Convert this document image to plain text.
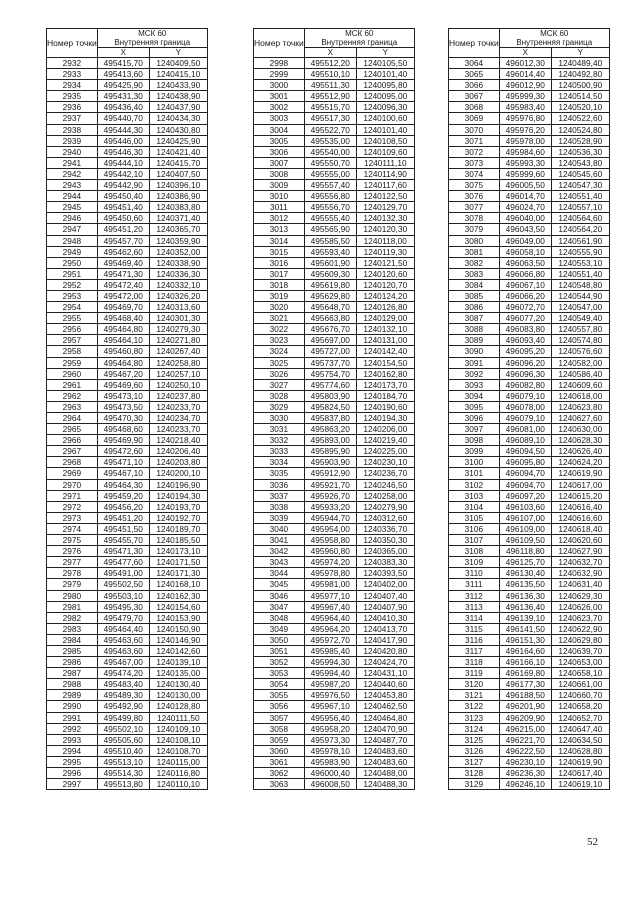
Номер точки	МСК 60
Внутренняя граница	

	X	Y
2932	495415,70	1240409,50
2933	495413,60	1240415,10
2934	495425,90	1240433,90
2935	495431,30	1240438,90
2936	495436,40	1240437,90
2937	495440,70	1240434,30
2938	495444,30	1240430,80
2939	495446,00	1240425,90
2940	495446,30	1240421,40
2941	495444,10	1240415,70
2942	495442,10	1240407,50
2943	495442,90	1240396,10
2944	495450,40	1240386,90
2945	495451,40	1240383,80
2946	495450,60	1240371,40
2947	495451,20	1240365,70
2948	495457,70	1240359,90
2949	495462,60	1240352,00
2950	495469,40	1240338,90
2951	495471,30	1240336,30
2952	495472,40	1240332,10
2953	495472,00	1240326,20
2954	495469,70	1240313,60
2955	495468,40	1240301,30
2956	495464,80	1240279,30
2957	495464,10	1240271,80
2958	495460,80	1240267,40
2959	495464,80	1240258,80
2960	495467,20	1240257,10
2961	495469,60	1240250,10
2962	495473,10	1240237,80
2963	495473,50	1240233,70
2964	495470,30	1240234,70
2965	495468,60	1240233,70
2966	495469,90	1240218,40
2967	495472,60	1240206,40
2968	495471,10	1240203,80
2969	495467,10	1240200,10
2970	495464,30	1240196,90
2971	495459,20	1240194,30
2972	495456,20	1240193,70
2973	495451,20	1240192,70
2974	495451,50	1240189,70
2975	495455,70	1240185,50
2976	495471,30	1240173,10
2977	495477,60	1240171,50
2978	495491,00	1240171,30
2979	495502,50	1240168,10
2980	495503,10	1240162,30
2981	495495,30	1240154,60
2982	495479,70	1240153,90
2983	495464,40	1240150,90
2984	495463,60	1240146,90
2985	495463,60	1240142,60
2986	495467,00	1240139,10
2987	495474,20	1240135,00
2988	495483,40	1240130,40
2989	495489,30	1240130,00
2990	495492,90	1240128,80
2991	495499,80	1240111,50
2992	495502,10	1240109,10
2993	495505,60	1240108,10
2994	495510,40	1240108,70
2995	495513,10	1240115,00
2996	495514,30	1240116,80
2997	495513,80	1240110,10
Номер точки	МСК 60
Внутренняя граница	

	X	Y
2998	495512,20	1240105,50
2999	495510,10	1240101,40
3000	495511,30	1240095,80
3001	495512,90	1240095,00
3002	495515,70	1240096,30
3003	495517,30	1240100,60
3004	495522,70	1240101,40
3005	495535,00	1240108,50
3006	495540,00	1240109,60
3007	495550,70	1240111,10
3008	495555,00	1240114,90
3009	495557,40	1240117,60
3010	495556,80	1240122,50
3011	495556,70	1240129,70
3012	495555,40	1240132,30
3013	495565,90	1240120,30
3014	495585,50	1240118,00
3015	495593,40	1240119,30
3016	495601,90	1240121,50
3017	495609,30	1240120,60
3018	495619,80	1240120,70
3019	495629,80	1240124,20
3020	495648,70	1240126,80
3021	495663,80	1240129,00
3022	495676,70	1240132,10
3023	495697,00	1240131,00
3024	495727,00	1240142,40
3025	495737,70	1240154,50
3026	495754,70	1240162,80
3027	495774,60	1240173,70
3028	495803,90	1240184,70
3029	495824,50	1240190,60
3030	495837,80	1240194,30
3031	495863,20	1240206,00
3032	495893,00	1240219,40
3033	495895,90	1240225,00
3034	495903,90	1240230,10
3035	495912,90	1240236,70
3036	495921,70	1240246,50
3037	495926,70	1240258,00
3038	495933,20	1240279,90
3039	495944,70	1240312,60
3040	495954,00	1240336,70
3041	495958,80	1240350,30
3042	495960,80	1240365,00
3043	495974,20	1240383,30
3044	495978,80	1240393,50
3045	495981,00	1240402,00
3046	495977,10	1240407,40
3047	495967,40	1240407,90
3048	495964,40	1240410,30
3049	495964,20	1240413,70
3050	495972,70	1240417,90
3051	495985,40	1240420,80
3052	495994,30	1240424,70
3053	495994,40	1240431,10
3054	495987,20	1240440,60
3055	495976,50	1240453,80
3056	495967,10	1240462,50
3057	495956,40	1240464,80
3058	495958,20	1240470,90
3059	495973,30	1240487,70
3060	495978,10	1240483,60
3061	495983,90	1240483,60
3062	496000,40	1240488,00
3063	496008,50	1240488,30
Номер точки	МСК 60
Внутренняя граница	

	X	Y
3064	496012,30	1240489,40
3065	496014,40	1240492,80
3066	496012,90	1240500,90
3067	495999,30	1240514,50
3068	495983,40	1240520,10
3069	495976,80	1240522,60
3070	495976,20	1240524,80
3071	495978,00	1240528,90
3072	495984,60	1240536,30
3073	495993,30	1240543,80
3074	495999,60	1240545,60
3075	496005,50	1240547,30
3076	496014,70	1240551,40
3077	496024,70	1240557,10
3078	496040,00	1240564,60
3079	496043,50	1240564,20
3080	496049,00	1240561,90
3081	496058,10	1240555,90
3082	496063,50	1240553,10
3083	496066,80	1240551,40
3084	496067,10	1240548,80
3085	496066,20	1240544,90
3086	496072,70	1240547,00
3087	496077,20	1240549,40
3088	496083,80	1240557,80
3089	496093,40	1240574,80
3090	496095,20	1240576,60
3091	496096,20	1240582,00
3092	496096,30	1240586,40
3093	496082,80	1240609,60
3094	496079,10	1240618,00
3095	496078,00	1240623,80
3096	496079,10	1240627,60
3097	496081,00	1240630,00
3098	496089,10	1240628,30
3099	496094,50	1240626,40
3100	496095,80	1240624,20
3101	496094,70	1240619,90
3102	496094,70	1240617,00
3103	496097,20	1240615,20
3104	496103,60	1240616,40
3105	496107,00	1240616,60
3106	496109,00	1240618,40
3107	496109,50	1240620,60
3108	496118,80	1240627,90
3109	496125,70	1240632,70
3110	496130,40	1240632,90
3111	496135,50	1240631,40
3112	496136,30	1240629,30
3113	496136,40	1240626,00
3114	496139,10	1240623,70
3115	496141,50	1240622,90
3116	496151,30	1240629,80
3117	496164,60	1240639,70
3118	496166,10	1240653,00
3119	496169,80	1240658,10
3120	496177,30	1240661,00
3121	496188,50	1240660,70
3122	496201,90	1240658,20
3123	496209,90	1240652,70
3124	496215,00	1240647,40
3125	496221,70	1240634,50
3126	496222,50	1240628,80
3127	496230,10	1240619,90
3128	496236,30	1240617,40
3129	496246,10	1240619,10
52
